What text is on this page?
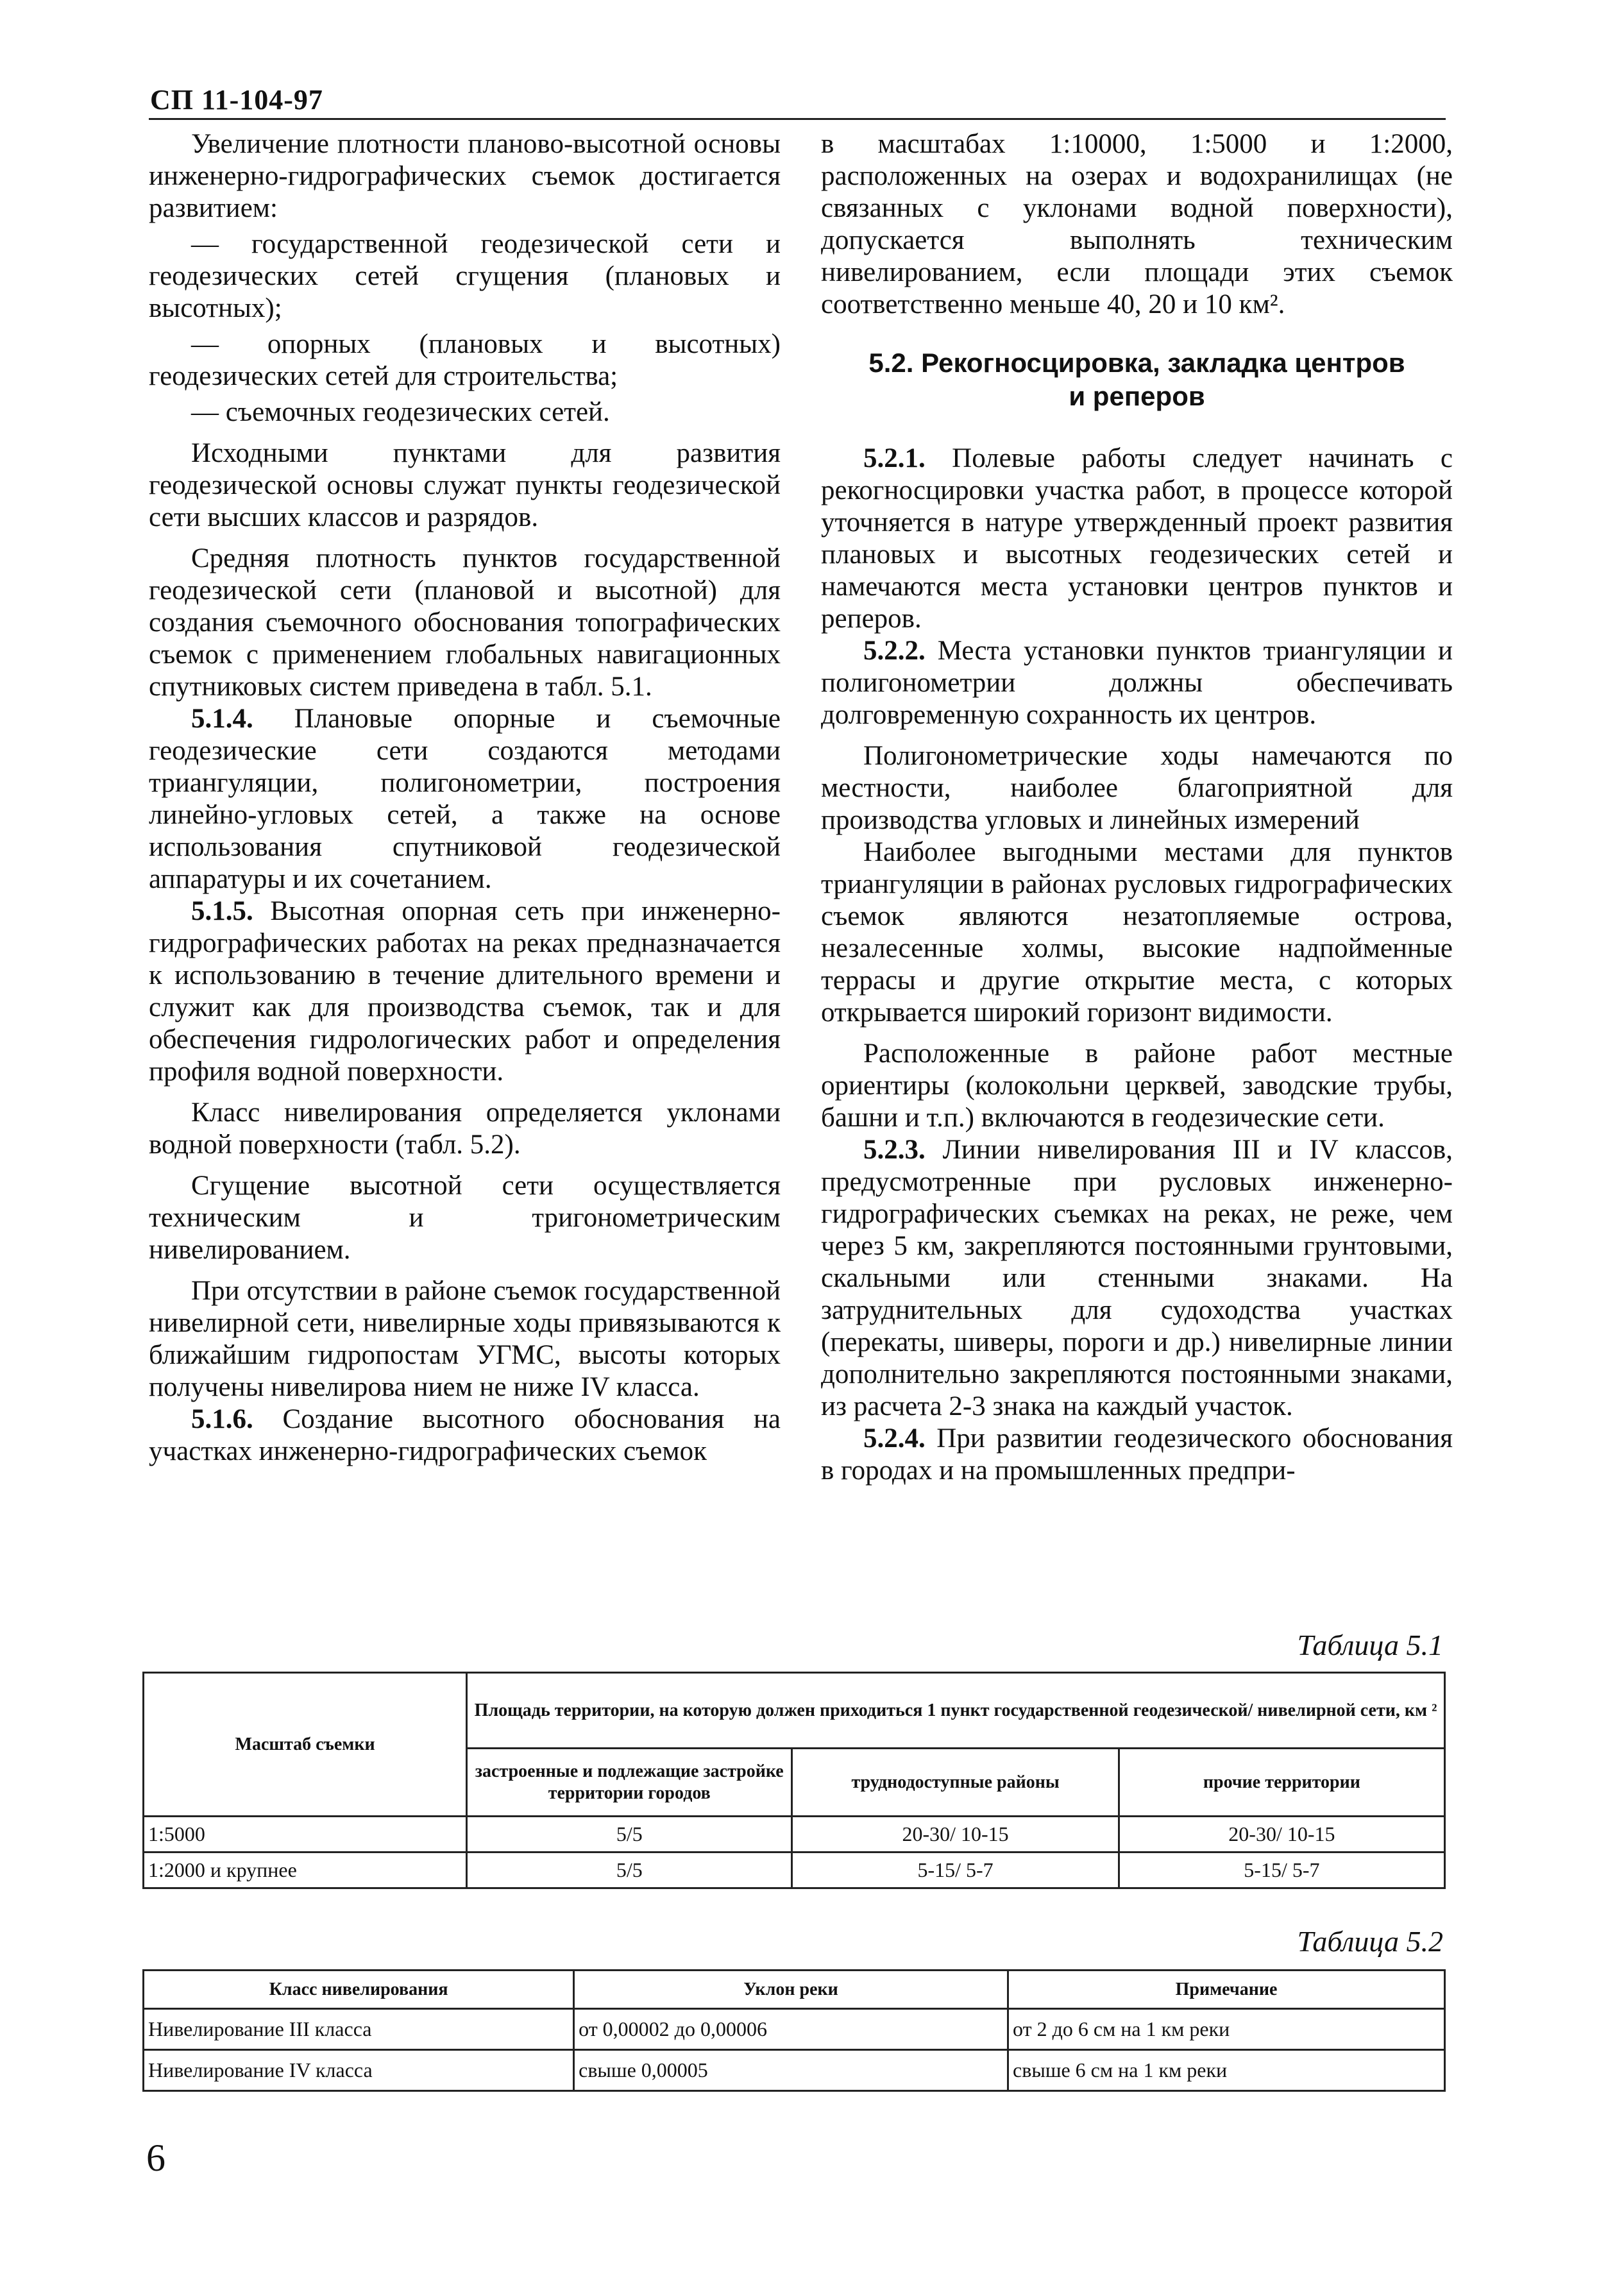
СП 11-104-97

Увеличение плотности планово-высотной основы инженерно-гидрографических съемок достигается развитием:

— государственной геодезической сети и геодезических сетей сгущения (плановых и высотных);

— опорных (плановых и высотных) геодезических сетей для строительства;

— съемочных геодезических сетей.

Исходными пунктами для развития геодезической основы служат пункты геодезической сети высших классов и разрядов.

Средняя плотность пунктов государственной геодезической сети (плановой и высотной) для создания съемочного обоснования топографических съемок с применением глобальных навигационных спутниковых систем приведена в табл. 5.1.

5.1.4. Плановые опорные и съемочные геодезические сети создаются методами триангуляции, полигонометрии, построения линейно-угловых сетей, а также на основе использования спутниковой геодезической аппаратуры и их сочетанием.

5.1.5. Высотная опорная сеть при инженерно-гидрографических работах на реках предназначается к использованию в течение длительного времени и служит как для производства съемок, так и для обеспечения гидрологических работ и определения профиля водной поверхности.

Класс нивелирования определяется уклонами водной поверхности (табл. 5.2).

Сгущение высотной сети осуществляется техническим и тригонометрическим нивелированием.

При отсутствии в районе съемок государственной нивелирной сети, нивелирные ходы привязываются к ближайшим гидропостам УГМС, высоты которых получены нивелирова нием не ниже IV класса.

5.1.6. Создание высотного обоснования на участках инженерно-гидрографических съемок

в масштабах 1:10000, 1:5000 и 1:2000, расположенных на озерах и водохранилищах (не связанных с уклонами водной поверхности), допускается выполнять техническим нивелированием, если площади этих съемок соответственно меньше 40, 20 и 10 км².

5.2. Рекогносцировка, закладка центров
и реперов

5.2.1. Полевые работы следует начинать с рекогносцировки участка работ, в процессе которой уточняется в натуре утвержденный проект развития плановых и высотных геодезических сетей и намечаются места установки центров пунктов и реперов.

5.2.2. Места установки пунктов триангуляции и полигонометрии должны обеспечивать долговременную сохранность их центров.

Полигонометрические ходы намечаются по местности, наиболее благоприятной для производства угловых и линейных измерений

Наиболее выгодными местами для пунктов триангуляции в районах русловых гидрографических съемок являются незатопляемые острова, незалесенные холмы, высокие надпойменные террасы и другие открытие места, с которых открывается широкий горизонт видимости.

Расположенные в районе работ местные ориентиры (колокольни церквей, заводские трубы, башни и т.п.) включаются в геодезические сети.

5.2.3. Линии нивелирования III и IV классов, предусмотренные при русловых инженерно-гидрографических съемках на реках, не реже, чем через 5 км, закрепляются постоянными грунтовыми, скальными или стенными знаками. На затруднительных для судоходства участках (перекаты, шиверы, пороги и др.) нивелирные линии дополнительно закрепляются постоянными знаками, из расчета 2-3 знака на каждый участок.

5.2.4. При развитии геодезического обоснования в городах и на промышленных предпри-

Таблица 5.1
Масштаб съемки	Площадь территории, на которую должен приходиться 1 пункт государственной геодезической/ нивелирной сети, км ²		
	застроенные и подлежащие застройке территории городов	труднодоступные районы	прочие территории
1:5000	5/5	20-30/ 10-15	20-30/ 10-15
1:2000 и крупнее	5/5	5-15/ 5-7	5-15/ 5-7
Таблица 5.2
Класс нивелирования	Уклон реки	Примечание
Нивелирование III класса	от 0,00002 до 0,00006	от 2 до 6 см на 1 км реки
Нивелирование IV класса	свыше 0,00005	свыше 6 см на 1 км реки
6
